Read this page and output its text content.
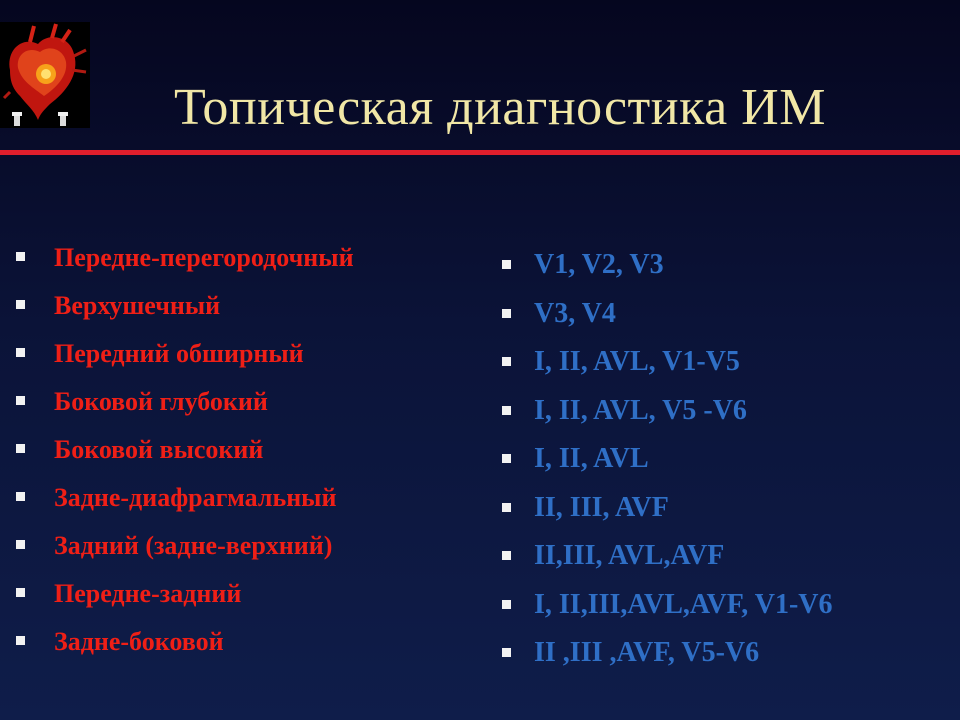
Топическая диагностика ИМ
Передне-перегородочный
Верхушечный
Передний обширный
Боковой глубокий
Боковой высокий
Задне-диафрагмальный
Задний (задне-верхний)
Передне-задний
Задне-боковой
V1, V2, V3
V3, V4
I, II, AVL, V1-V5
I, II, AVL, V5 -V6
I, II, AVL
II, III, AVF
II,III, AVL,AVF
I, II,III,AVL,AVF, V1-V6
II ,III ,AVF, V5-V6
